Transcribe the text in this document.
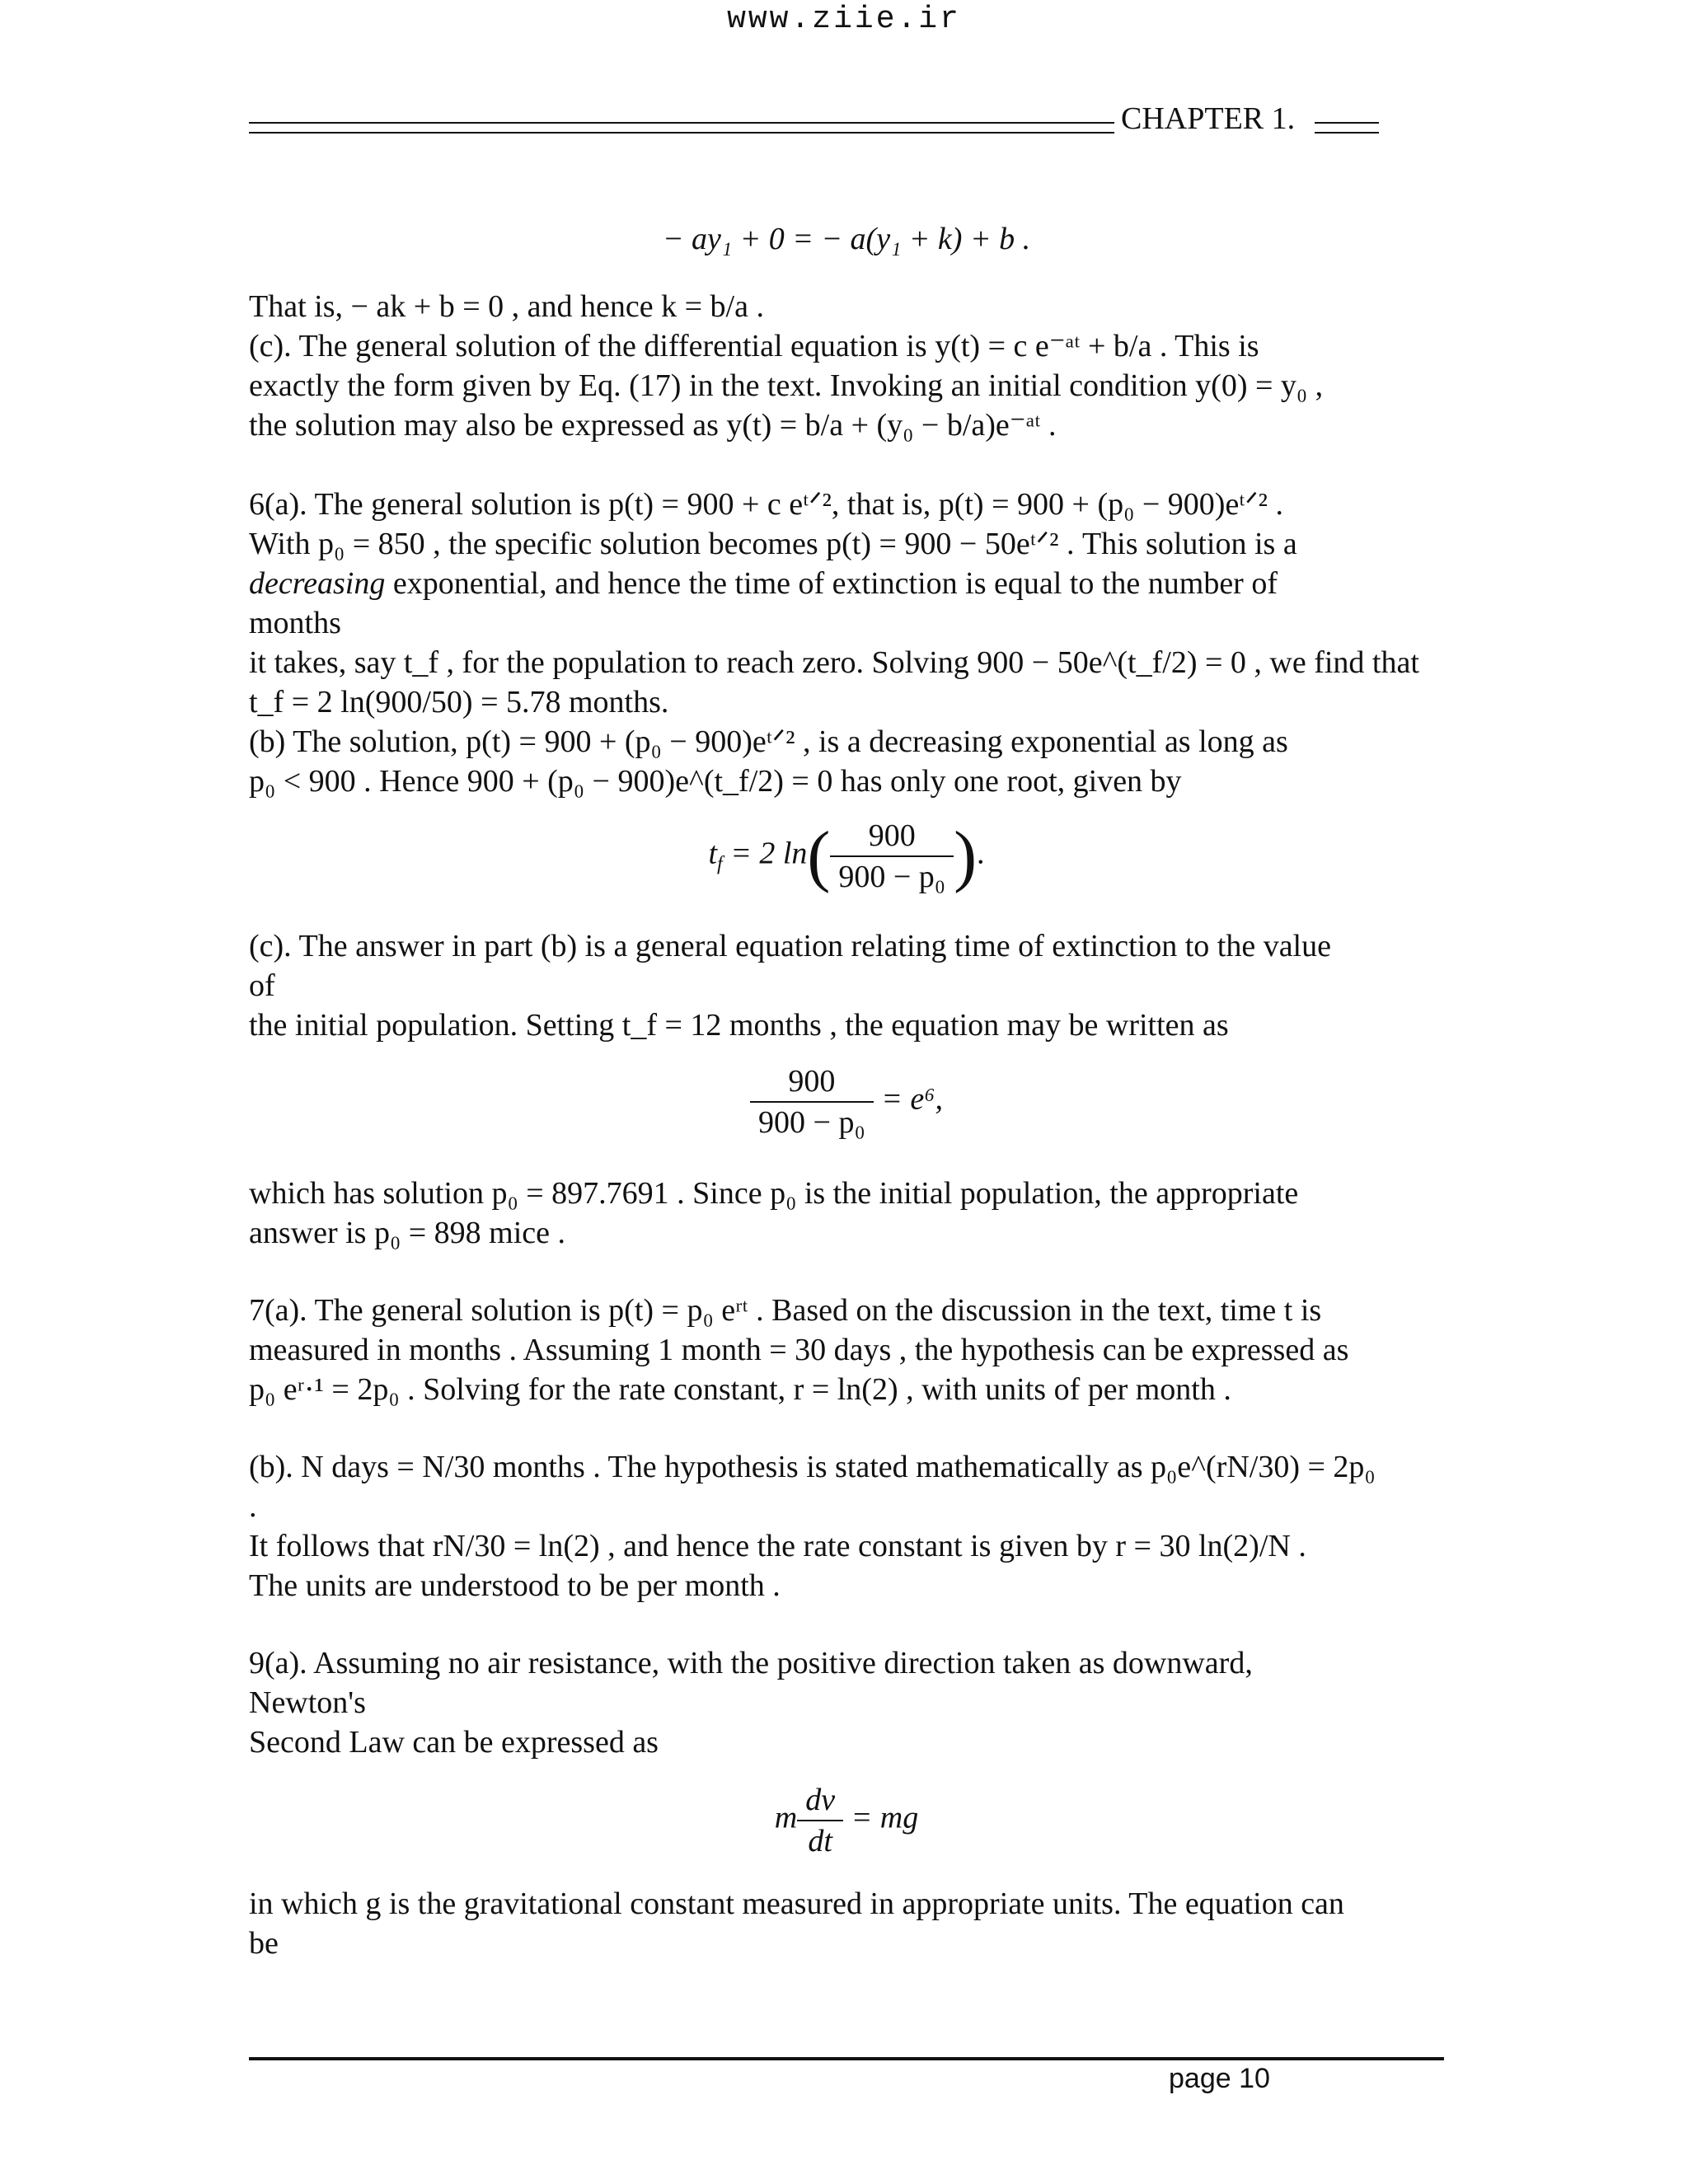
www.ziie.ir
CHAPTER 1.
− ay₁ + 0 = − a(y₁ + k) + b .
That is, − ak + b = 0 , and hence k = b/a .
(c). The general solution of the differential equation is y(t) = c e⁻ᵃᵗ + b/a . This is
exactly the form given by Eq. (17) in the text. Invoking an initial condition y(0) = y₀ ,
the solution may also be expressed as y(t) = b/a + (y₀ − b/a)e⁻ᵃᵗ .
6(a). The general solution is p(t) = 900 + c eᵗᐟ², that is, p(t) = 900 + (p₀ − 900)eᵗᐟ² .
With p₀ = 850 , the specific solution becomes p(t) = 900 − 50eᵗᐟ² . This solution is a
decreasing exponential, and hence the time of extinction is equal to the number of
months
it takes, say t_f , for the population to reach zero. Solving 900 − 50e^(t_f/2) = 0 , we find that
t_f = 2 ln(900/50) = 5.78 months.
(b) The solution, p(t) = 900 + (p₀ − 900)eᵗᐟ² , is a decreasing exponential as long as
p₀ < 900 . Hence 900 + (p₀ − 900)e^(t_f/2) = 0 has only one root, given by
$t_f = 2$ $\ln( \frac{900}{\text{900 − p₀}}$ ).
(c). The answer in part (b) is a general equation relating time of extinction to the value
of
the initial population. Setting t_f = 12 months , the equation may be written as
$\frac{900}{\text{900 − p₀}} = e^6$,
which has solution p₀ = 897.7691 . Since p₀ is the initial population, the appropriate
answer is p₀ = 898 mice .
7(a). The general solution is p(t) = p₀ eʳᵗ . Based on the discussion in the text, time t is
measured in months . Assuming 1 month = 30 days , the hypothesis can be expressed as
p₀ eʳ·¹ = 2p₀ . Solving for the rate constant, r = ln(2) , with units of per month .
(b). N days = N/30 months . The hypothesis is stated mathematically as p₀e^(rN/30) = 2p₀
.
It follows that rN/30 = ln(2) , and hence the rate constant is given by r = 30 ln(2)/N .
The units are understood to be per month .
9(a). Assuming no air resistance, with the positive direction taken as downward,
Newton's
Second Law can be expressed as
m $\frac{dv}{dt}$ = mg
in which g is the gravitational constant measured in appropriate units. The equation can
be
page 10
